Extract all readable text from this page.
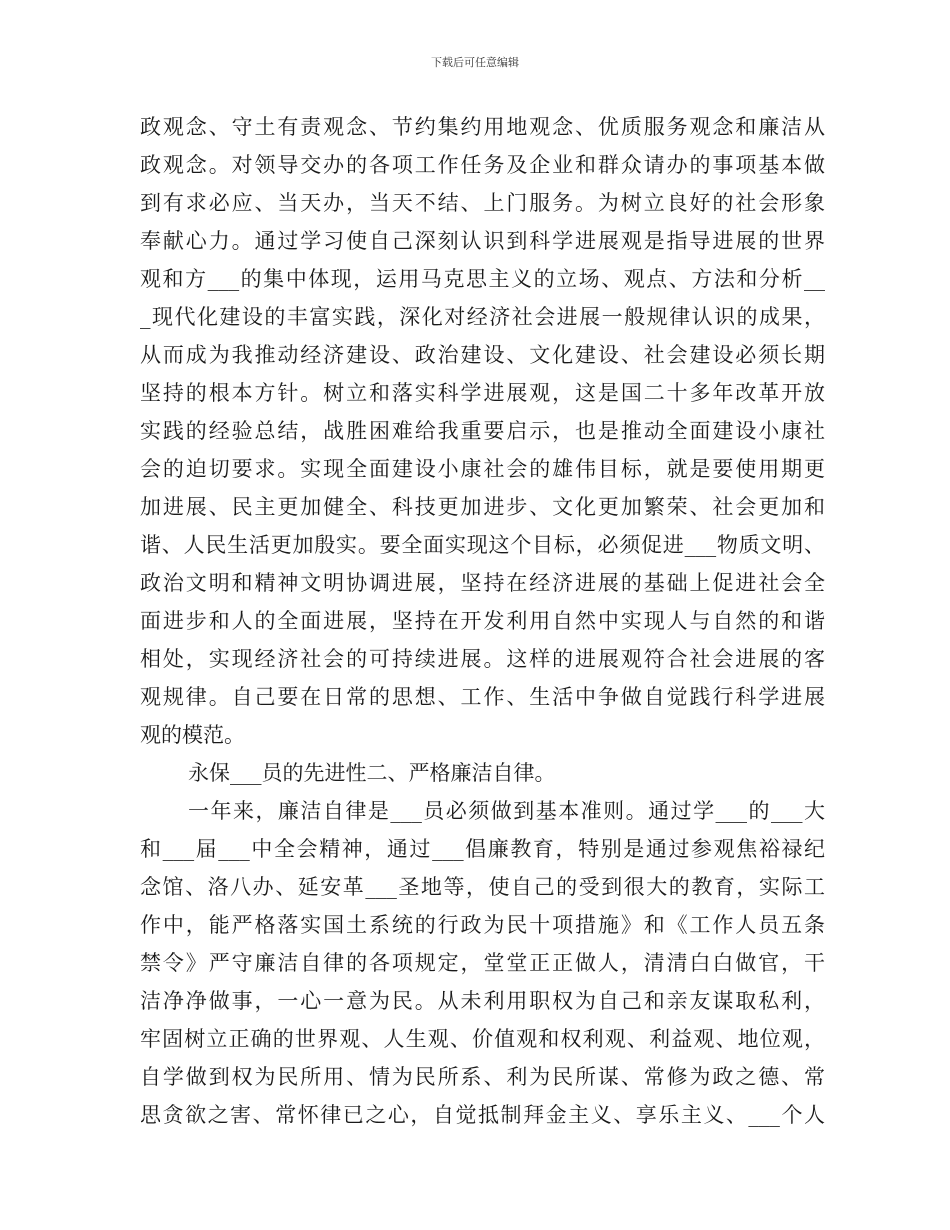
下载后可任意编辑
政观念、守土有责观念、节约集约用地观念、优质服务观念和廉洁从
政观念。对领导交办的各项工作任务及企业和群众请办的事项基本做
到有求必应、当天办，当天不结、上门服务。为树立良好的社会形象
奉献心力。通过学习使自己深刻认识到科学进展观是指导进展的世界
观和方___的集中体现，运用马克思主义的立场、观点、方法和分析__
_现代化建设的丰富实践，深化对经济社会进展一般规律认识的成果，
从而成为我推动经济建设、政治建设、文化建设、社会建设必须长期
坚持的根本方针。树立和落实科学进展观，这是国二十多年改革开放
实践的经验总结，战胜困难给我重要启示，也是推动全面建设小康社
会的迫切要求。实现全面建设小康社会的雄伟目标，就是要使用期更
加进展、民主更加健全、科技更加进步、文化更加繁荣、社会更加和
谐、人民生活更加殷实。要全面实现这个目标，必须促进___物质文明、
政治文明和精神文明协调进展，坚持在经济进展的基础上促进社会全
面进步和人的全面进展，坚持在开发利用自然中实现人与自然的和谐
相处，实现经济社会的可持续进展。这样的进展观符合社会进展的客
观规律。自己要在日常的思想、工作、生活中争做自觉践行科学进展
观的模范。
永保___员的先进性二、严格廉洁自律。
一年来，廉洁自律是___员必须做到基本准则。通过学___的___大
和___届___中全会精神，通过___倡廉教育，特别是通过参观焦裕禄纪
念馆、洛八办、延安革___圣地等，使自己的受到很大的教育，实际工
作中，能严格落实国土系统的行政为民十项措施》和《工作人员五条
禁令》严守廉洁自律的各项规定，堂堂正正做人，清清白白做官，干
洁净净做事，一心一意为民。从未利用职权为自己和亲友谋取私利，
牢固树立正确的世界观、人生观、价值观和权利观、利益观、地位观，
自学做到权为民所用、情为民所系、利为民所谋、常修为政之德、常
思贪欲之害、常怀律已之心，自觉抵制拜金主义、享乐主义、___个人
